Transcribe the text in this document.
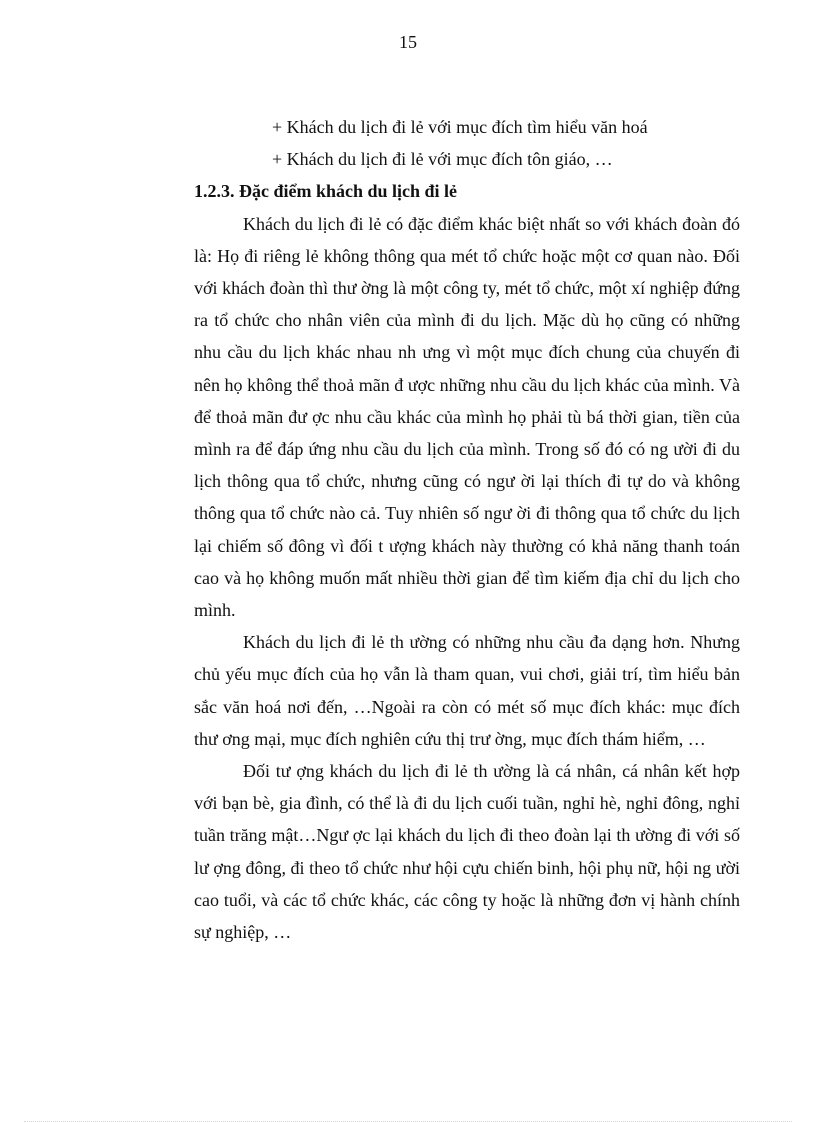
15
+ Khách du lịch đi lẻ với mục đích tìm hiểu văn hoá
+ Khách du lịch đi lẻ với mục đích tôn giáo, …
1.2.3. Đặc điểm khách du lịch đi lẻ

Khách du lịch đi lẻ có đặc điểm khác biệt nhất so với khách đoàn đó là: Họ đi riêng lẻ không thông qua mét tổ chức hoặc một cơ quan nào. Đối với khách đoàn thì thư ờng là một công ty, mét tổ chức, một xí nghiệp đứng ra tổ chức cho nhân viên của mình đi du lịch. Mặc dù họ cũng có những nhu cầu du lịch khác nhau nh ưng vì một mục đích chung của chuyến đi nên họ không thể thoả mãn đ ược những nhu cầu du lịch khác của mình. Và để thoả mãn đư ợc nhu cầu khác của mình họ phải tù bá thời gian, tiền của mình ra để đáp ứng nhu cầu du lịch của mình. Trong số đó có ng ười đi du lịch thông qua tổ chức, nhưng cũng có ngư ời lại thích đi tự do và không thông qua tổ chức nào cả. Tuy nhiên số ngư ời đi thông qua tổ chức du lịch lại chiếm số đông vì đối t ượng khách này thường có khả năng thanh toán cao và họ không muốn mất nhiều thời gian để tìm kiếm địa chỉ du lịch cho mình.

Khách du lịch đi lẻ th ường có những nhu cầu đa dạng hơn. Nhưng chủ yếu mục đích của họ vẫn là tham quan, vui chơi, giải trí, tìm hiểu bản sắc văn hoá nơi đến, …Ngoài ra còn có mét số mục đích khác: mục đích thư ơng mại, mục đích nghiên cứu thị trư ờng, mục đích thám hiểm, …

Đối tư ợng khách du lịch đi lẻ th ường là cá nhân, cá nhân kết hợp với bạn bè, gia đình, có thể là đi du lịch cuối tuần, nghỉ hè, nghỉ đông, nghỉ tuần trăng mật…Ngư ợc lại khách du lịch đi theo đoàn lại th ường đi với số lư ợng đông, đi theo tổ chức như hội cựu chiến binh, hội phụ nữ, hội ng ười cao tuổi, và các tổ chức khác, các công ty hoặc là những đơn vị hành chính sự nghiệp, …
